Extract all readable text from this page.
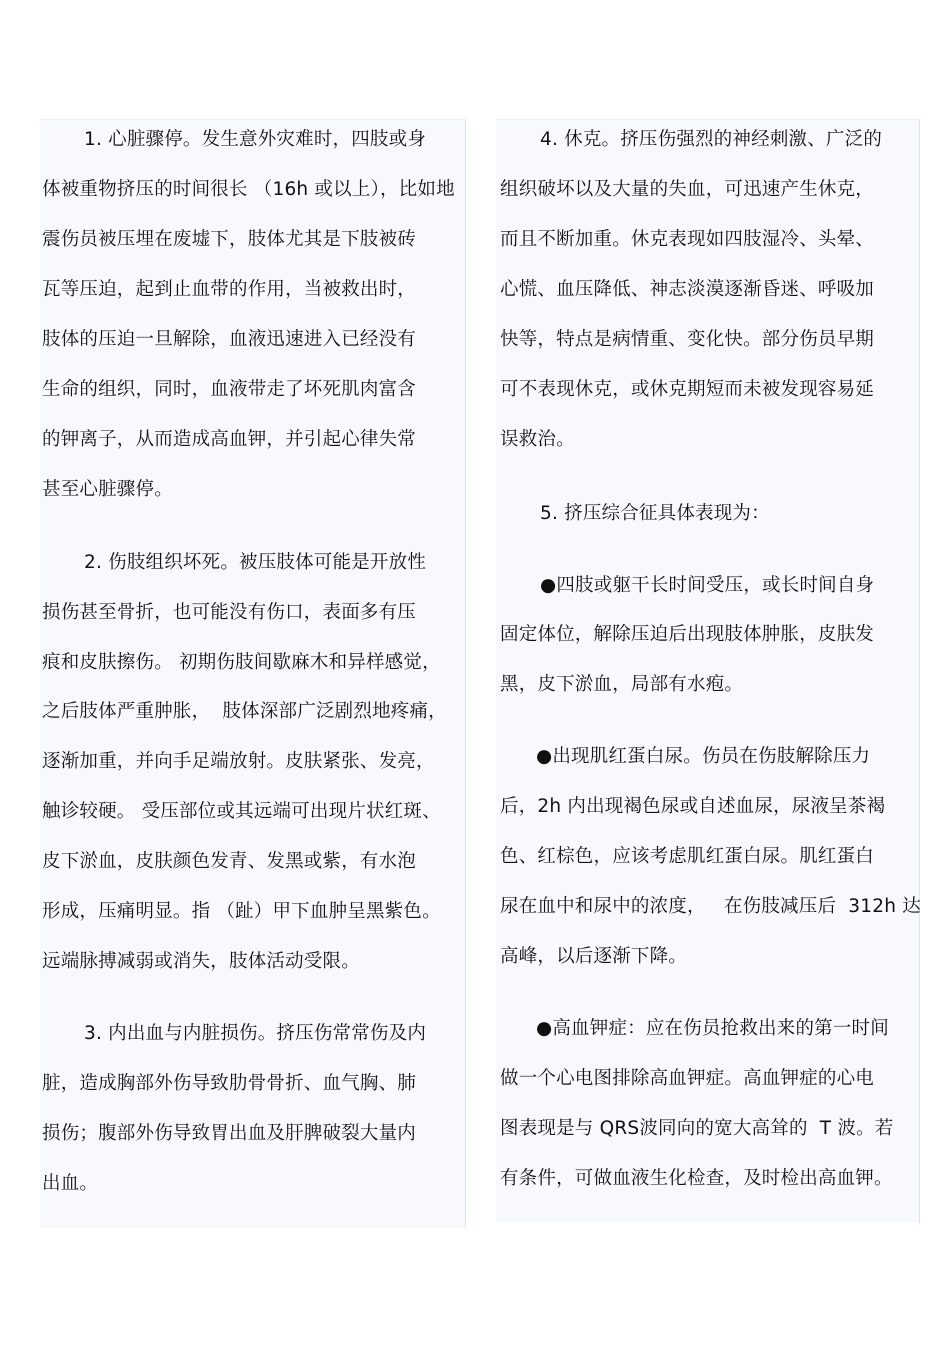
1. 心脏骤停。发生意外灾难时，四肢或身
体被重物挤压的时间很长 （16h 或以上），比如地
震伤员被压埋在废墟下，肢体尤其是下肢被砖
瓦等压迫，起到止血带的作用，当被救出时，
肢体的压迫一旦解除，血液迅速进入已经没有
生命的组织，同时，血液带走了坏死肌肉富含
的钾离子，从而造成高血钾，并引起心律失常
甚至心脏骤停。
2. 伤肢组织坏死。被压肢体可能是开放性
损伤甚至骨折，也可能没有伤口，表面多有压
痕和皮肤擦伤。 初期伤肢间歇麻木和异样感觉，
之后肢体严重肿胀，  肢体深部广泛剧烈地疼痛，
逐渐加重，并向手足端放射。皮肤紧张、发亮，
触诊较硬。 受压部位或其远端可出现片状红斑、
皮下淤血，皮肤颜色发青、发黑或紫，有水泡
形成，压痛明显。指 （趾）甲下血肿呈黑紫色。
远端脉搏减弱或消失，肢体活动受限。
3. 内出血与内脏损伤。挤压伤常常伤及内
脏，造成胸部外伤导致肋骨骨折、血气胸、肺
损伤；腹部外伤导致胃出血及肝脾破裂大量内
出血。
4. 休克。挤压伤强烈的神经刺激、广泛的
组织破坏以及大量的失血，可迅速产生休克，
而且不断加重。休克表现如四肢湿冷、头晕、
心慌、血压降低、神志淡漠逐渐昏迷、呼吸加
快等，特点是病情重、变化快。部分伤员早期
可不表现休克，或休克期短而未被发现容易延
误救治。
5. 挤压综合征具体表现为：
●四肢或躯干长时间受压，或长时间自身
固定体位，解除压迫后出现肢体肿胀，皮肤发
黑，皮下淤血，局部有水疱。
●出现肌红蛋白尿。伤员在伤肢解除压力
后，2h 内出现褐色尿或自述血尿，尿液呈茶褐
色、红棕色，应该考虑肌红蛋白尿。肌红蛋白
尿在血中和尿中的浓度，   在伤肢减压后  312h 达
高峰，以后逐渐下降。
●高血钾症：应在伤员抢救出来的第一时间
做一个心电图排除高血钾症。高血钾症的心电
图表现是与 QRS波同向的宽大高耸的  T 波。若
有条件，可做血液生化检查，及时检出高血钾。
